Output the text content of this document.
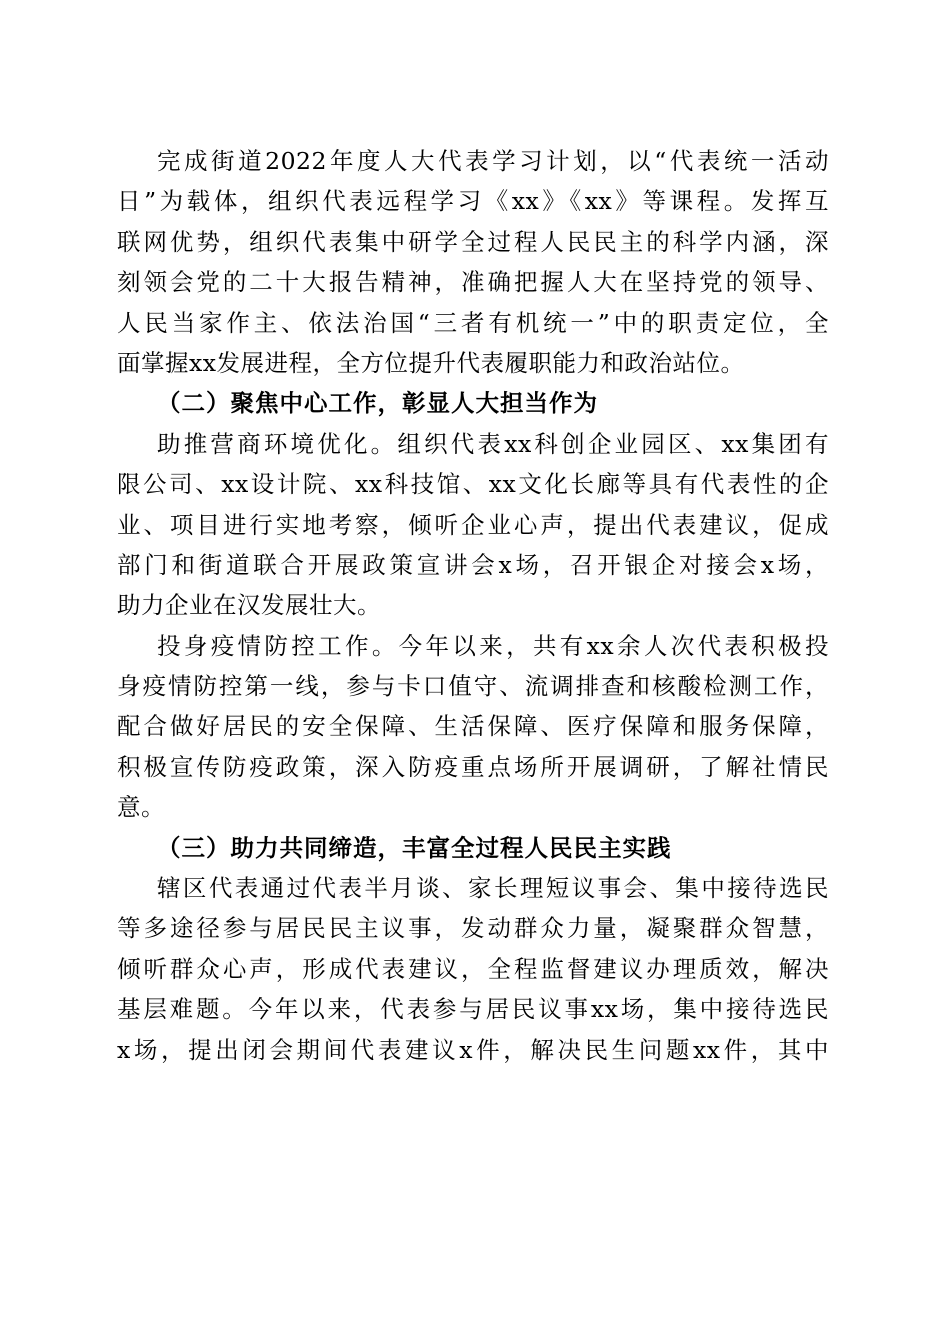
完成街道2022年度人大代表学习计划，以“代表统一活动
日”为载体，组织代表远程学习《xx》《xx》等课程。发挥互
联网优势，组织代表集中研学全过程人民民主的科学内涵，深
刻领会党的二十大报告精神，准确把握人大在坚持党的领导、
人民当家作主、依法治国“三者有机统一”中的职责定位，全
面掌握xx发展进程，全方位提升代表履职能力和政治站位。
（二）聚焦中心工作，彰显人大担当作为
助推营商环境优化。组织代表xx科创企业园区、xx集团有
限公司、xx设计院、xx科技馆、xx文化长廊等具有代表性的企
业、项目进行实地考察，倾听企业心声，提出代表建议，促成
部门和街道联合开展政策宣讲会x场，召开银企对接会x场，
助力企业在汉发展壮大。
投身疫情防控工作。今年以来，共有xx余人次代表积极投
身疫情防控第一线，参与卡口值守、流调排查和核酸检测工作，
配合做好居民的安全保障、生活保障、医疗保障和服务保障，
积极宣传防疫政策，深入防疫重点场所开展调研，了解社情民
意。
（三）助力共同缔造，丰富全过程人民民主实践
辖区代表通过代表半月谈、家长理短议事会、集中接待选民
等多途径参与居民民主议事，发动群众力量，凝聚群众智慧，
倾听群众心声，形成代表建议，全程监督建议办理质效，解决
基层难题。今年以来，代表参与居民议事xx场，集中接待选民
x场，提出闭会期间代表建议x件，解决民生问题xx件，其中
